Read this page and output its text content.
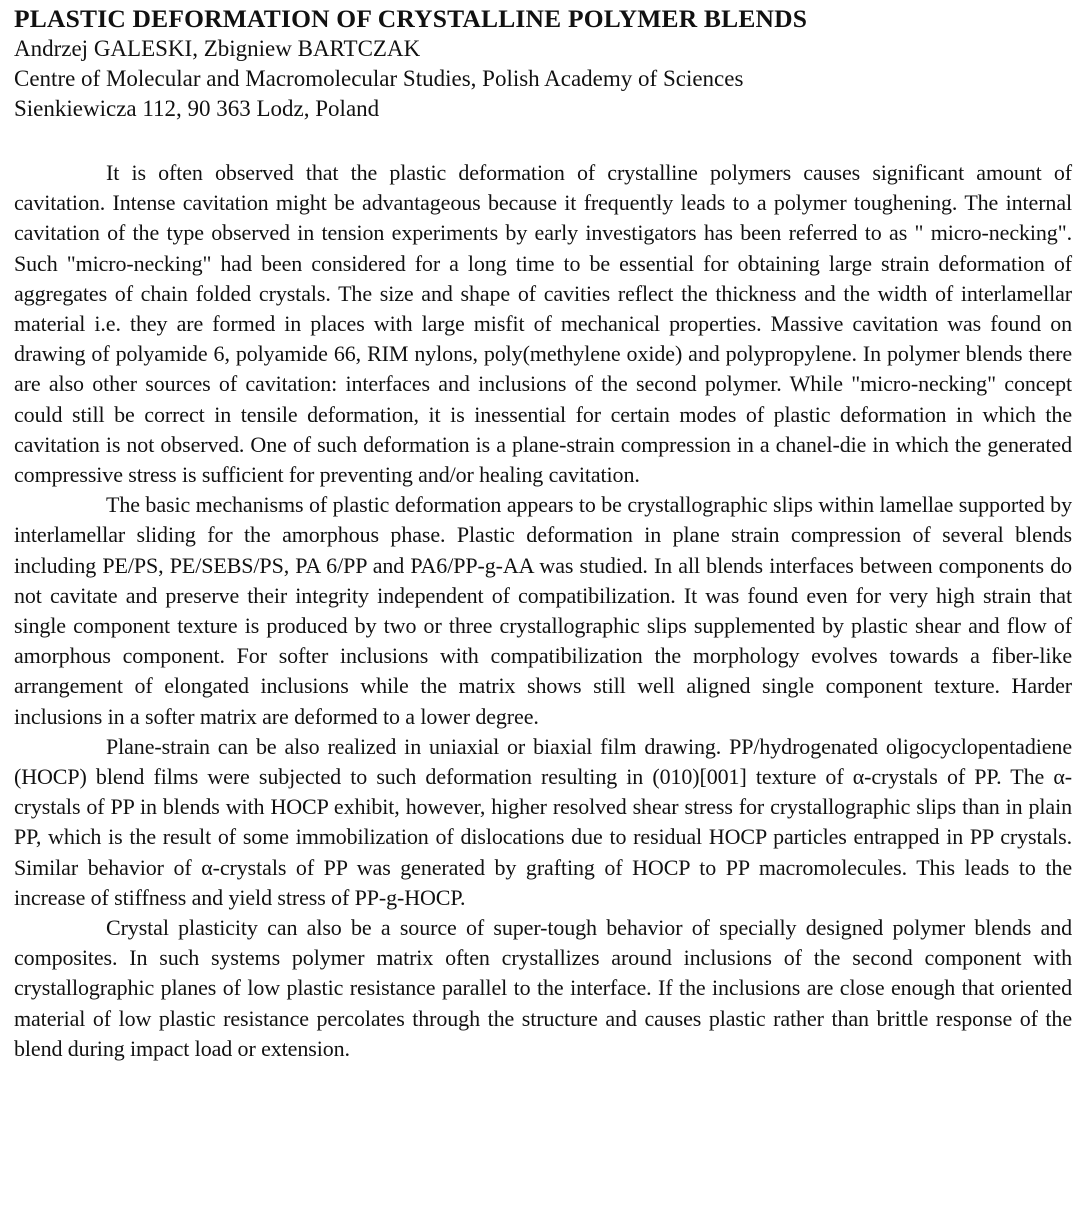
PLASTIC DEFORMATION OF CRYSTALLINE POLYMER BLENDS

Andrzej GALESKI, Zbigniew BARTCZAK

Centre of Molecular and Macromolecular Studies, Polish Academy of Sciences

Sienkiewicza 112, 90 363 Lodz, Poland

It is often observed that the plastic deformation of crystalline polymers causes significant amount of cavitation. Intense cavitation might be advantageous because it frequently leads to a polymer toughening. The internal cavitation of the type observed in tension experiments by early investigators has been referred to as " micro-necking". Such "micro-necking" had been considered for a long time to be essential for obtaining large strain deformation of aggregates of chain folded crystals. The size and shape of cavities reflect the thickness and the width of interlamellar material i.e. they are formed in places with large misfit of mechanical properties. Massive cavitation was found on drawing of polyamide 6, polyamide 66, RIM nylons, poly(methylene oxide) and polypropylene. In polymer blends there are also other sources of cavitation: interfaces and inclusions of the second polymer. While "micro-necking" concept could still be correct in tensile deformation, it is inessential for certain modes of plastic deformation in which the cavitation is not observed. One of such deformation is a plane-strain compression in a chanel-die in which the generated compressive stress is sufficient for preventing and/or healing cavitation.

The basic mechanisms of plastic deformation appears to be crystallographic slips within lamellae supported by interlamellar sliding for the amorphous phase. Plastic deformation in plane strain compression of several blends including PE/PS, PE/SEBS/PS, PA 6/PP and PA6/PP-g-AA was studied. In all blends interfaces between components do not cavitate and preserve their integrity independent of compatibilization. It was found even for very high strain that single component texture is produced by two or three crystallographic slips supplemented by plastic shear and flow of amorphous component. For softer inclusions with compatibilization the morphology evolves towards a fiber-like arrangement of elongated inclusions while the matrix shows still well aligned single component texture. Harder inclusions in a softer matrix are deformed to a lower degree.

Plane-strain can be also realized in uniaxial or biaxial film drawing. PP/hydrogenated oligocyclopentadiene (HOCP) blend films were subjected to such deformation resulting in (010)[001] texture of α-crystals of PP. The α-crystals of PP in blends with HOCP exhibit, however, higher resolved shear stress for crystallographic slips than in plain PP, which is the result of some immobilization of dislocations due to residual HOCP particles entrapped in PP crystals. Similar behavior of α-crystals of PP was generated by grafting of HOCP to PP macromolecules. This leads to the increase of stiffness and yield stress of PP-g-HOCP.

Crystal plasticity can also be a source of super-tough behavior of specially designed polymer blends and composites. In such systems polymer matrix often crystallizes around inclusions of the second component with crystallographic planes of low plastic resistance parallel to the interface. If the inclusions are close enough that oriented material of low plastic resistance percolates through the structure and causes plastic rather than brittle response of the blend during impact load or extension.
